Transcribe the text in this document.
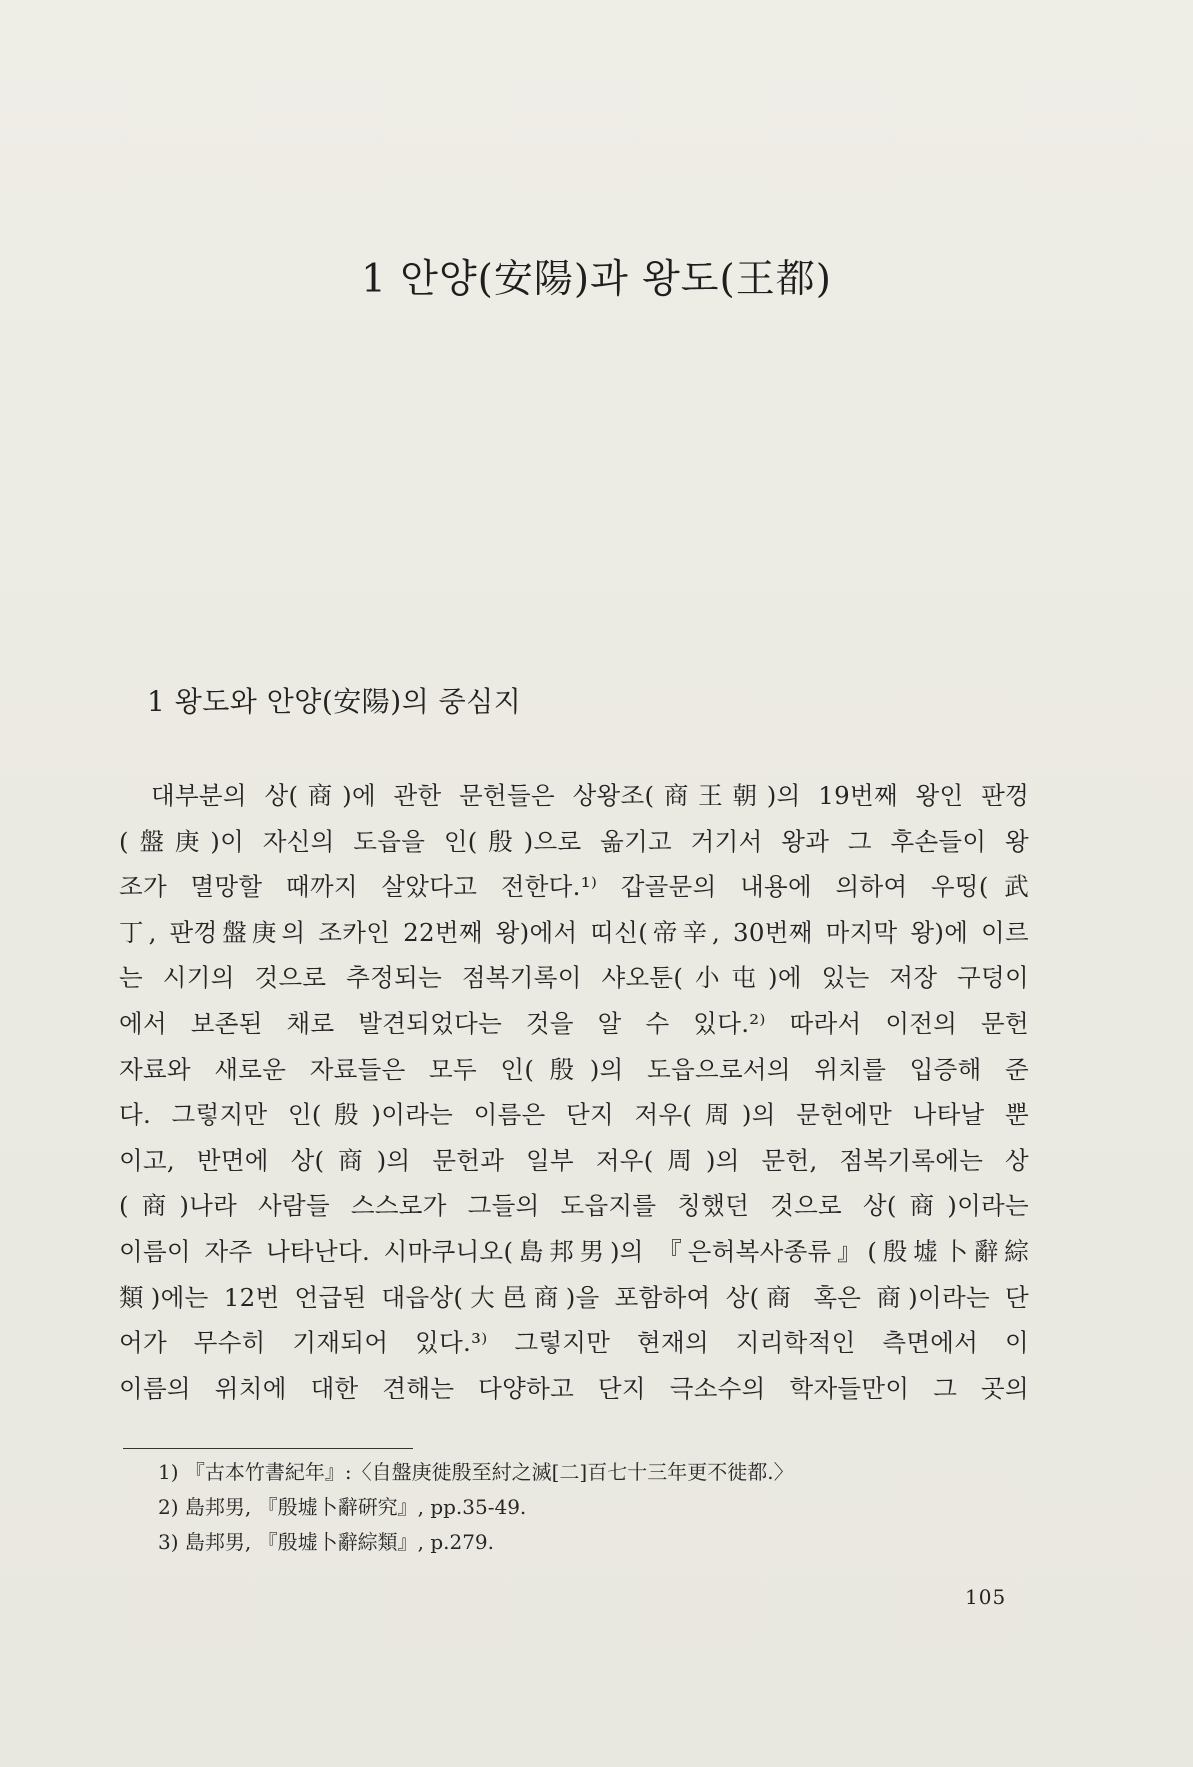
1 안양(安陽)과 왕도(王都)
1 왕도와 안양(安陽)의 중심지
대부분의 상(商)에 관한 문헌들은 상왕조(商王朝)의 19번째 왕인 판껑
(盤庚)이 자신의 도읍을 인(殷)으로 옮기고 거기서 왕과 그 후손들이 왕
조가 멸망할 때까지 살았다고 전한다.¹⁾ 갑골문의 내용에 의하여 우띵(武
丁, 판껑盤庚의 조카인 22번째 왕)에서 띠신(帝辛, 30번째 마지막 왕)에 이르
는 시기의 것으로 추정되는 점복기록이 샤오툰(小屯)에 있는 저장 구덩이
에서 보존된 채로 발견되었다는 것을 알 수 있다.²⁾ 따라서 이전의 문헌
자료와 새로운 자료들은 모두 인(殷)의 도읍으로서의 위치를 입증해 준
다. 그렇지만 인(殷)이라는 이름은 단지 저우(周)의 문헌에만 나타날 뿐
이고, 반면에 상(商)의 문헌과 일부 저우(周)의 문헌, 점복기록에는 상
(商)나라 사람들 스스로가 그들의 도읍지를 칭했던 것으로 상(商)이라는
이름이 자주 나타난다. 시마쿠니오(島邦男)의 『은허복사종류』(殷墟卜辭綜
類)에는 12번 언급된 대읍상(大邑商)을 포함하여 상(商 혹은 商)이라는 단
어가 무수히 기재되어 있다.³⁾ 그렇지만 현재의 지리학적인 측면에서 이
이름의 위치에 대한 견해는 다양하고 단지 극소수의 학자들만이 그 곳의
1) 『古本竹書紀年』:〈自盤庚徙殷至紂之滅[二]百七十三年更不徙都.〉
2) 島邦男, 『殷墟卜辭硏究』, pp.35-49.
3) 島邦男, 『殷墟卜辭綜類』, p.279.
105
